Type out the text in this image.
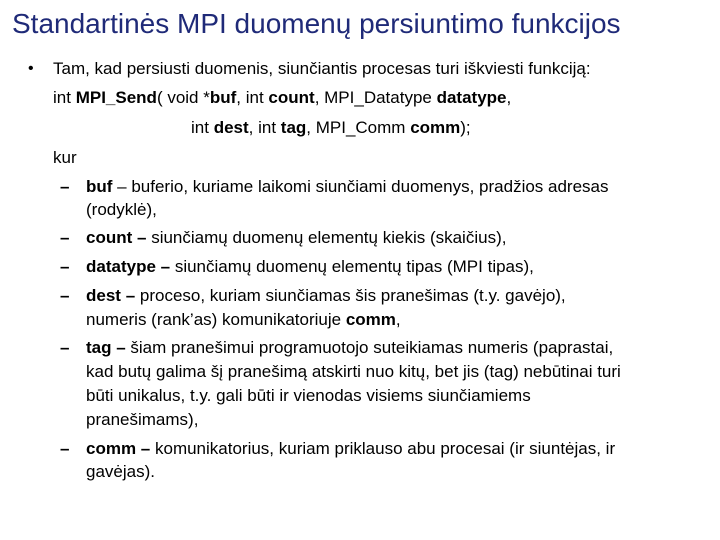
Standartinės MPI duomenų persiuntimo funkcijos
• Tam, kad persiusti duomenis, siunčiantis procesas turi iškviesti funkciją:
int MPI_Send( void *buf, int count, MPI_Datatype datatype,
int dest, int tag, MPI_Comm comm);
kur
– buf – buferio, kuriame laikomi siunčiami duomenys, pradžios adresas
(rodyklė),
– count – siunčiamų duomenų elementų kiekis (skaičius),
– datatype – siunčiamų duomenų elementų tipas (MPI tipas),
– dest – proceso, kuriam siunčiamas šis pranešimas (t.y. gavėjo),
numeris (rank’as) komunikatoriuje comm,
– tag – šiam pranešimui programuotojo suteikiamas numeris (paprastai,
kad butų galima šį pranešimą atskirti nuo kitų, bet jis (tag) nebūtinai turi
būti unikalus, t.y. gali būti ir vienodas visiems siunčiamiems
pranešimams),
– comm – komunikatorius, kuriam priklauso abu procesai (ir siuntėjas, ir
gavėjas).
